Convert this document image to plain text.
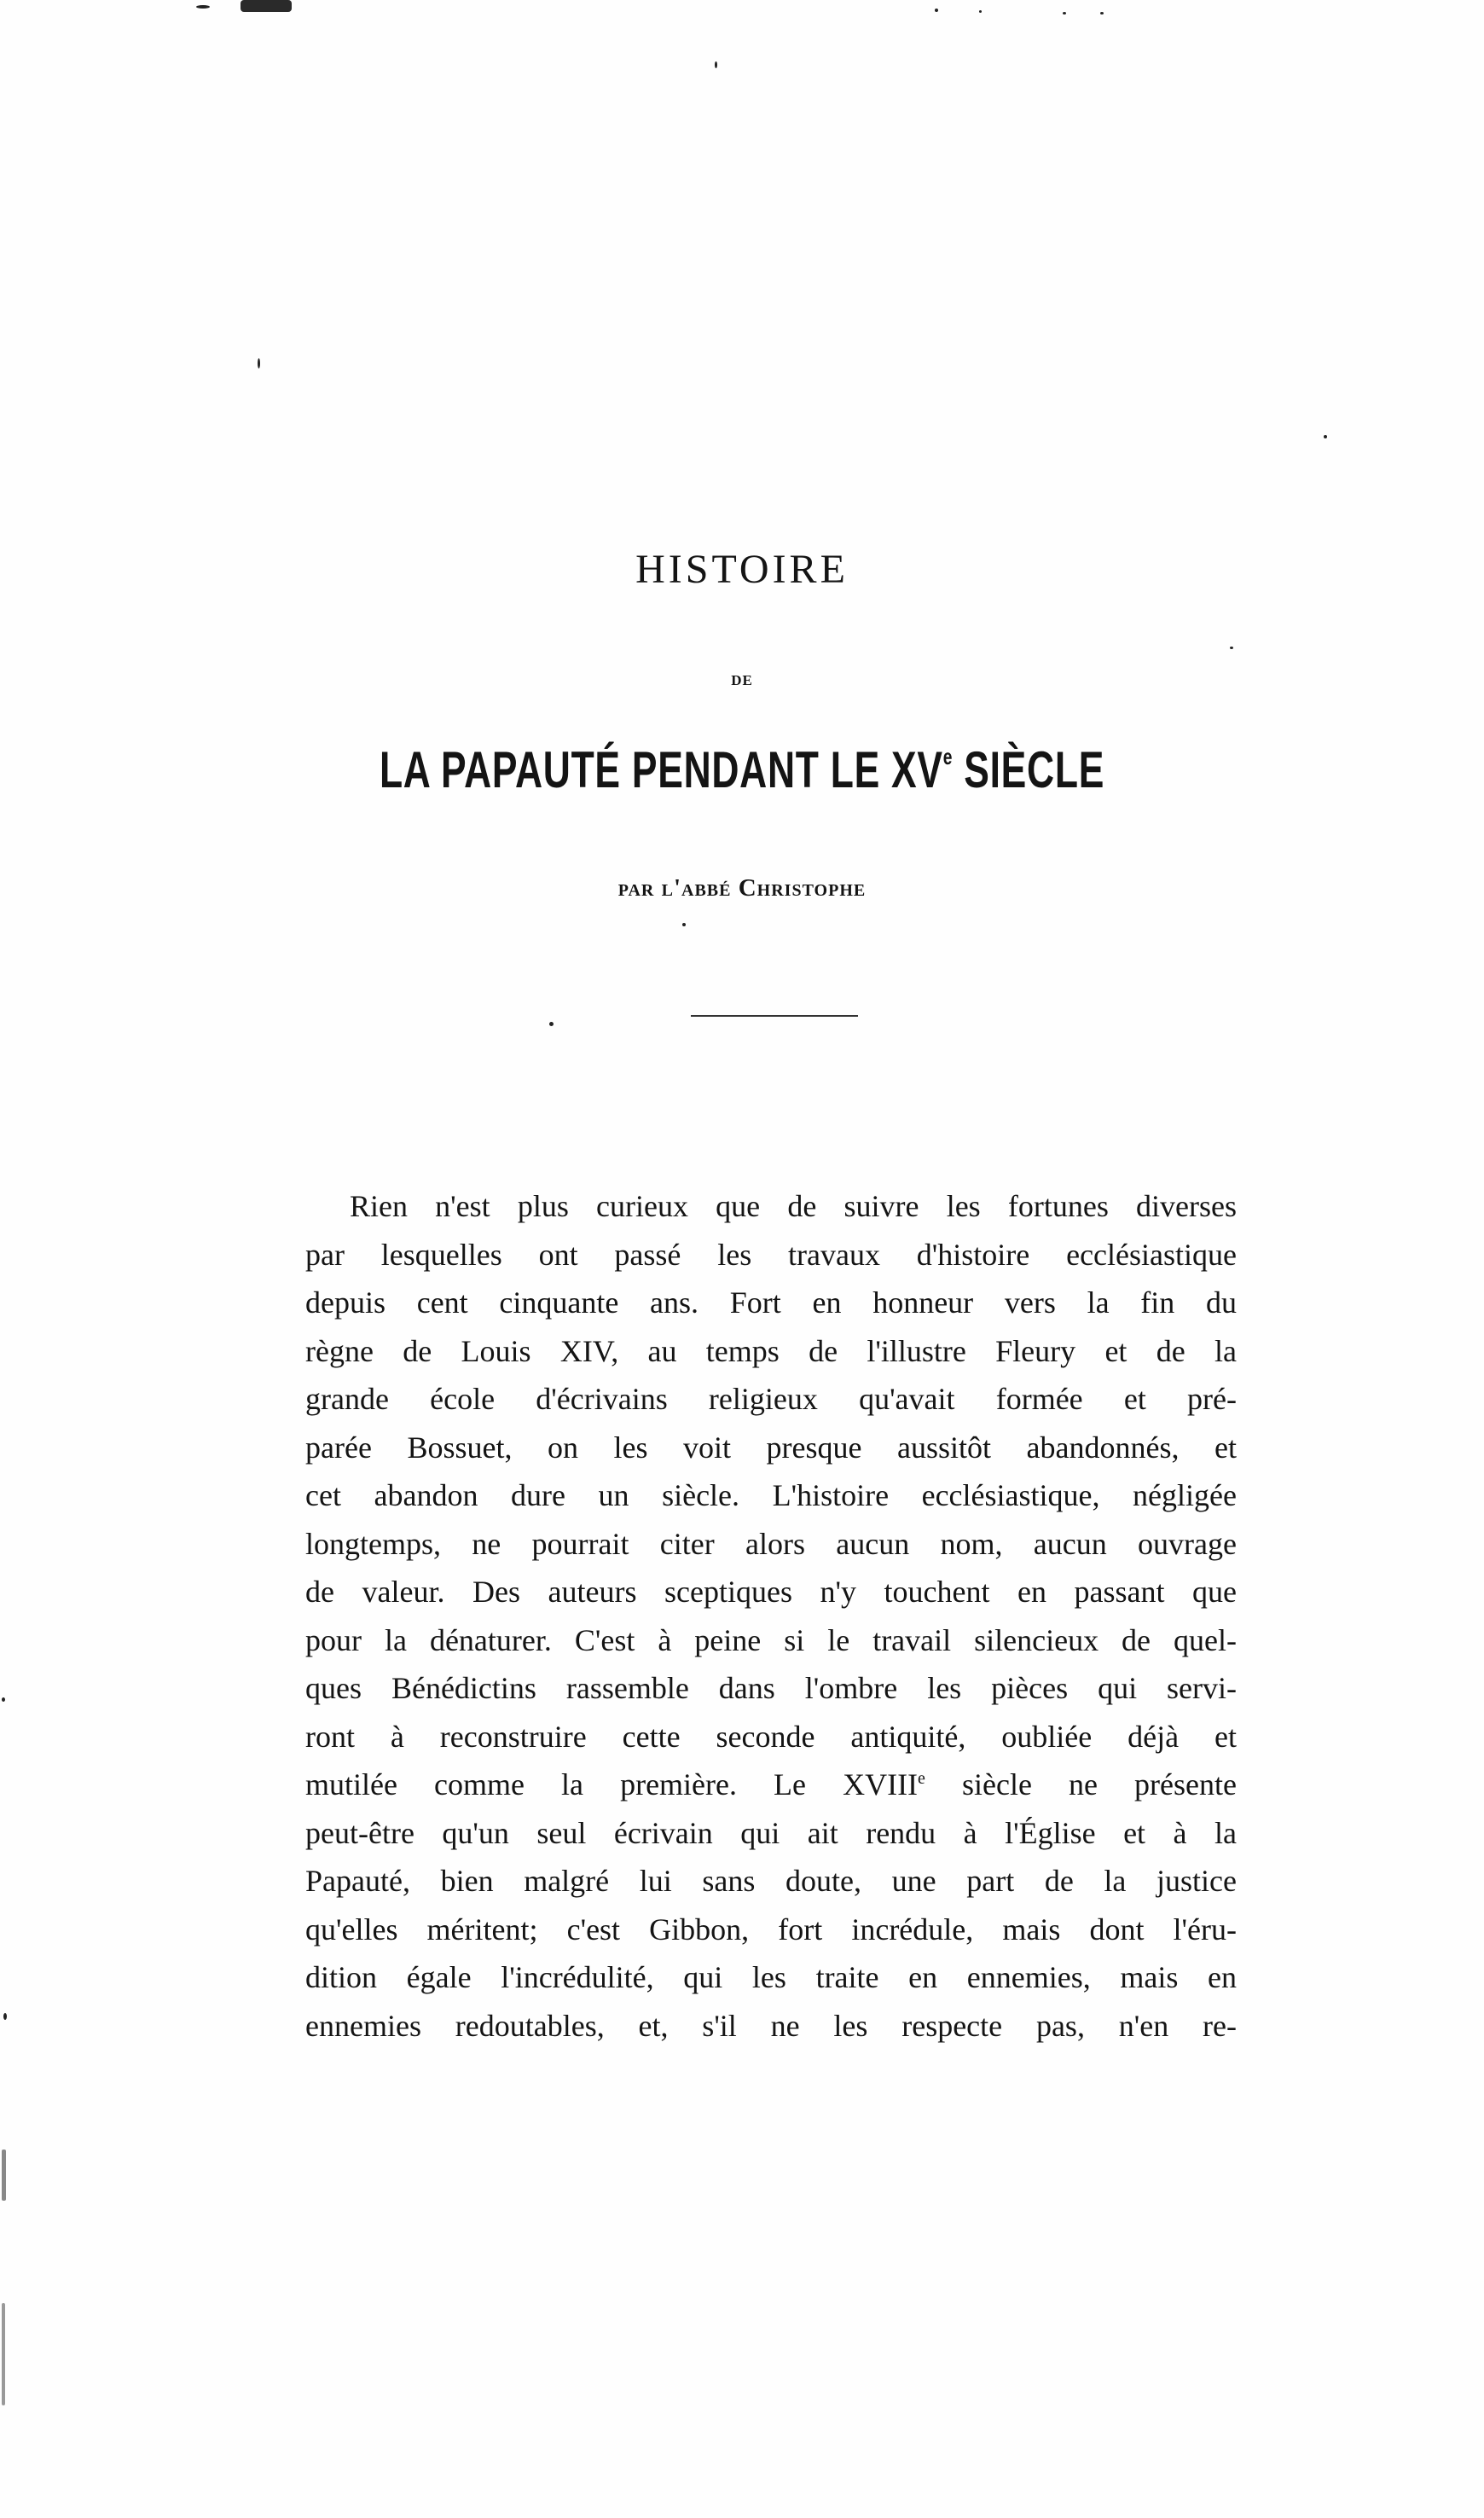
HISTOIRE
DE
LA PAPAUTÉ PENDANT LE XVe SIÈCLE
par l'abbé Christophe
Rien n'est plus curieux que de suivre les fortunes diverses
par lesquelles ont passé les travaux d'histoire ecclésiastique
depuis cent cinquante ans. Fort en honneur vers la fin du
règne de Louis XIV, au temps de l'illustre Fleury et de la
grande école d'écrivains religieux qu'avait formée et pré-
parée Bossuet, on les voit presque aussitôt abandonnés, et
cet abandon dure un siècle. L'histoire ecclésiastique, négligée
longtemps, ne pourrait citer alors aucun nom, aucun ouvrage
de valeur. Des auteurs sceptiques n'y touchent en passant que
pour la dénaturer. C'est à peine si le travail silencieux de quel-
ques Bénédictins rassemble dans l'ombre les pièces qui servi-
ront à reconstruire cette seconde antiquité, oubliée déjà et
mutilée comme la première. Le XVIIIe siècle ne présente
peut-être qu'un seul écrivain qui ait rendu à l'Église et à la
Papauté, bien malgré lui sans doute, une part de la justice
qu'elles méritent; c'est Gibbon, fort incrédule, mais dont l'éru-
dition égale l'incrédulité, qui les traite en ennemies, mais en
ennemies redoutables, et, s'il ne les respecte pas, n'en re-
